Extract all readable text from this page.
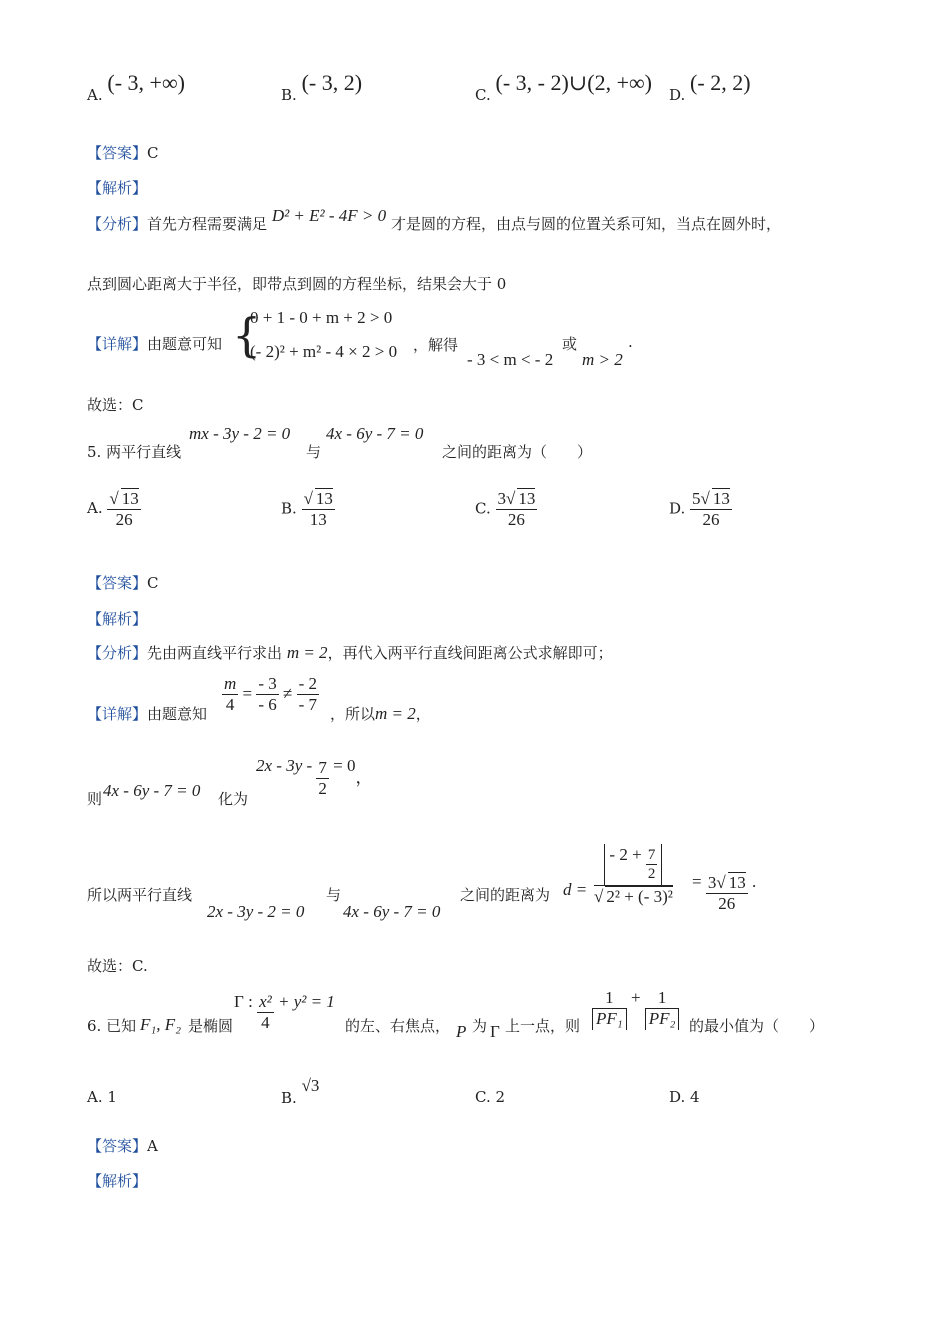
A. (- 3, +∞)	B. (- 3, 2)	C. (- 3, - 2)∪(2, +∞) D. (- 2, 2)
【答案】C
【解析】
【分析】首先方程需要满足 D² + E² - 4F > 0 才是圆的方程，由点与圆的位置关系可知，当点在圆外时，
点到圆心距离大于半径，即带点到圆的方程坐标，结果会大于 0
【详解】由题意可知 {
0 + 1 - 0 + m + 2 > 0
(- 2)² + m² - 4 × 2 > 0 ，解得
- 3 < m < - 2
或
m > 2
.
故选：C
5. 两平行直线
mx - 3y - 2 = 0
与
4x - 6y - 7 = 0
之间的距离为（　　）
A. $\frac{√ 13}{26}$	B. $\frac{√ 13}{13}$	C. $\frac{3√ 13}{26}$	D. $\frac{5√ 13}{26}$
【答案】C
【解析】
【分析】先由两直线平行求出 m = 2，再代入两平行直线间距离公式求解即可；
【详解】由题意知 $\frac{m}{4} = \frac{- 3}{- 6} \ne \frac{- 2}{- 7}$ ，所以m = 2，
则 4x - 6y - 7 = 0 化为
$2x - 3y - \frac{7}{2} = 0$，
所以两平行直线
2x - 3y - 2 = 0
与
4x - 6y - 7 = 0
之间的距离为 $d = \frac{- 2 + \frac{7}{2}}{\text{√ 2² + (- 3)²}} = \frac{3√ 13}{26}$ .
故选：C.
6. 已知 F₁, F₂ 是椭圆
Γ : $\frac{\text{x²}}{4} + y^2 = 1$
的左、右焦点， P 为 Γ 上一点，则 $\frac{1}{\text{PF₁}} + \frac{1}{\text{PF₂}}$ 的最小值为（　　）
A. 1	B. √3
C. 2	D. 4
【答案】A
【解析】
